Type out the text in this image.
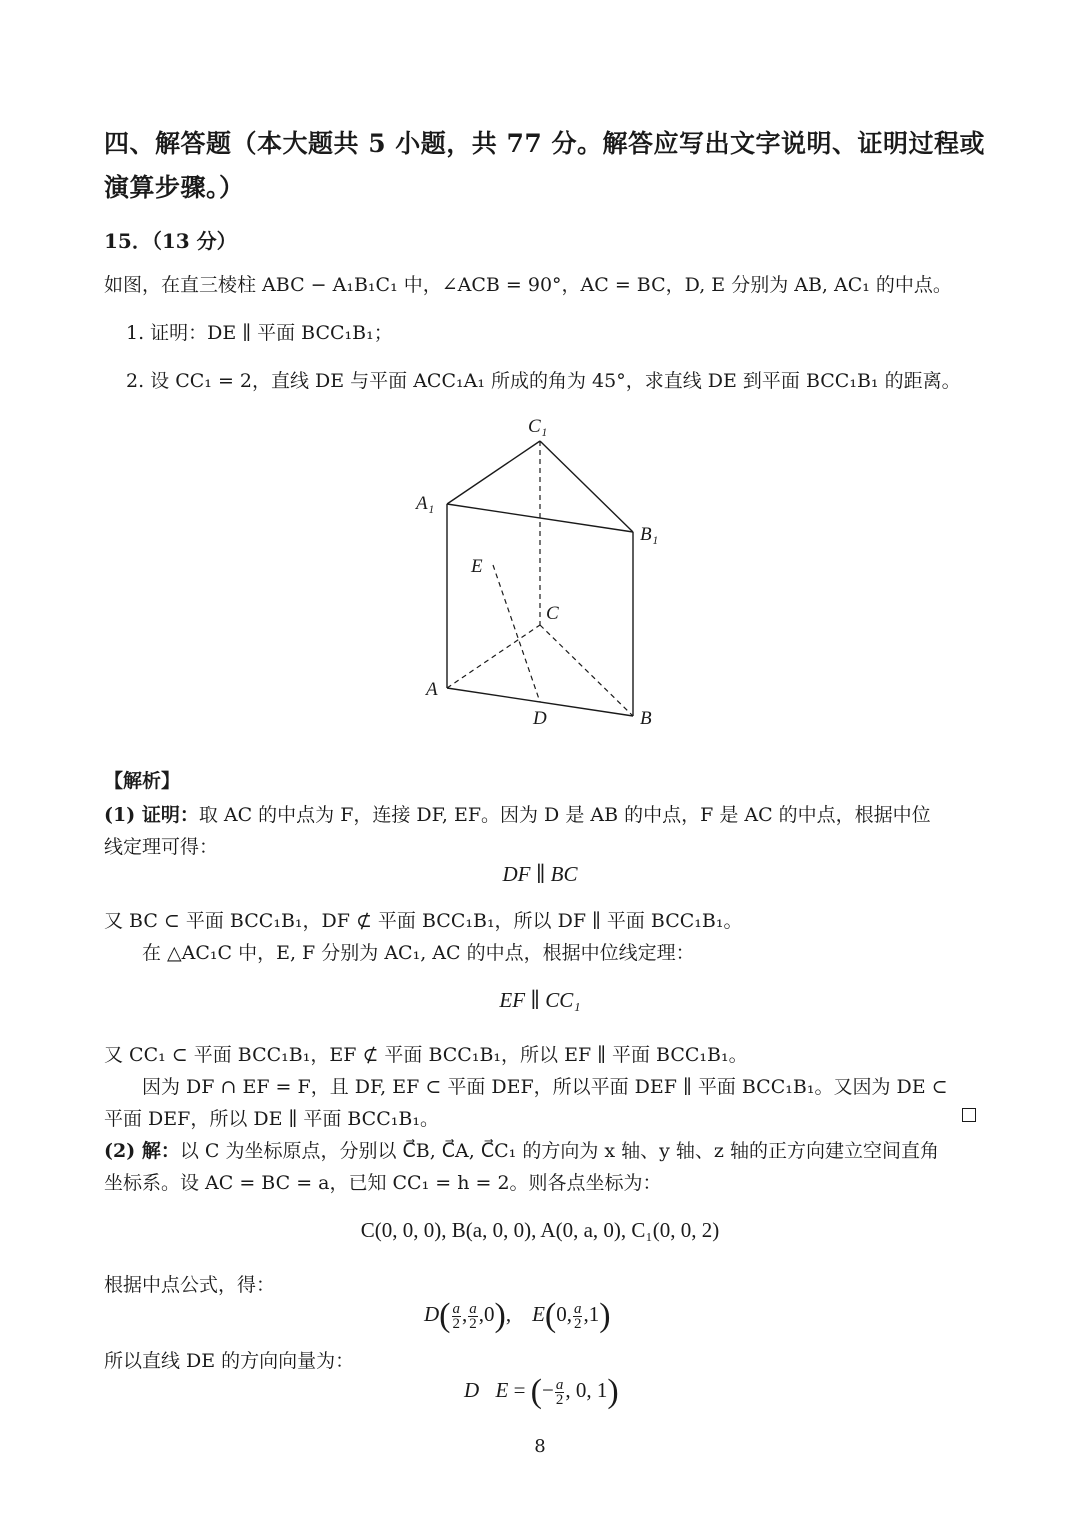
四、解答题（本大题共 5 小题，共 77 分。解答应写出文字说明、证明过程或
演算步骤。）
15．（13 分）
如图，在直三棱柱 ABC − A₁B₁C₁ 中，∠ACB = 90°，AC = BC，D, E 分别为 AB, AC₁ 的中点。
1. 证明：DE ∥ 平面 BCC₁B₁；
2. 设 CC₁ = 2，直线 DE 与平面 ACC₁A₁ 所成的角为 45°，求直线 DE 到平面 BCC₁B₁ 的距离。
C₁
A₁
B₁
E
C
A
D	B
【解析】
(1) 证明：取 AC 的中点为 F，连接 DF, EF。因为 D 是 AB 的中点，F 是 AC 的中点，根据中位
线定理可得：
DF ∥ BC
又 BC ⊂ 平面 BCC₁B₁，DF ⊄ 平面 BCC₁B₁，所以 DF ∥ 平面 BCC₁B₁。
在 △AC₁C 中，E, F 分别为 AC₁, AC 的中点，根据中位线定理：
EF ∥ CC₁
又 CC₁ ⊂ 平面 BCC₁B₁，EF ⊄ 平面 BCC₁B₁，所以 EF ∥ 平面 BCC₁B₁。
因为 DF ∩ EF = F，且 DF, EF ⊂ 平面 DEF，所以平面 DEF ∥ 平面 BCC₁B₁。又因为 DE ⊂
平面 DEF，所以 DE ∥ 平面 BCC₁B₁。
(2) 解：以 C 为坐标原点，分别以 C⃗B, C⃗A, C⃗C₁ 的方向为 x 轴、y 轴、z 轴的正方向建立空间直角
坐标系。设 AC = BC = a，已知 CC₁ = h = 2。则各点坐标为：
C(0, 0, 0), B(a, 0, 0), A(0, a, 0), C₁(0, 0, 2)
根据中点公式，得：
$D( \frac{a}{2}$ , $\frac{a}{2} ,0$),    E(0, $\frac{a}{2} ,1$)
所以直线 DE 的方向向量为：
D⃗E = (− $\frac{a}{2}$ , 0, 1)
8
